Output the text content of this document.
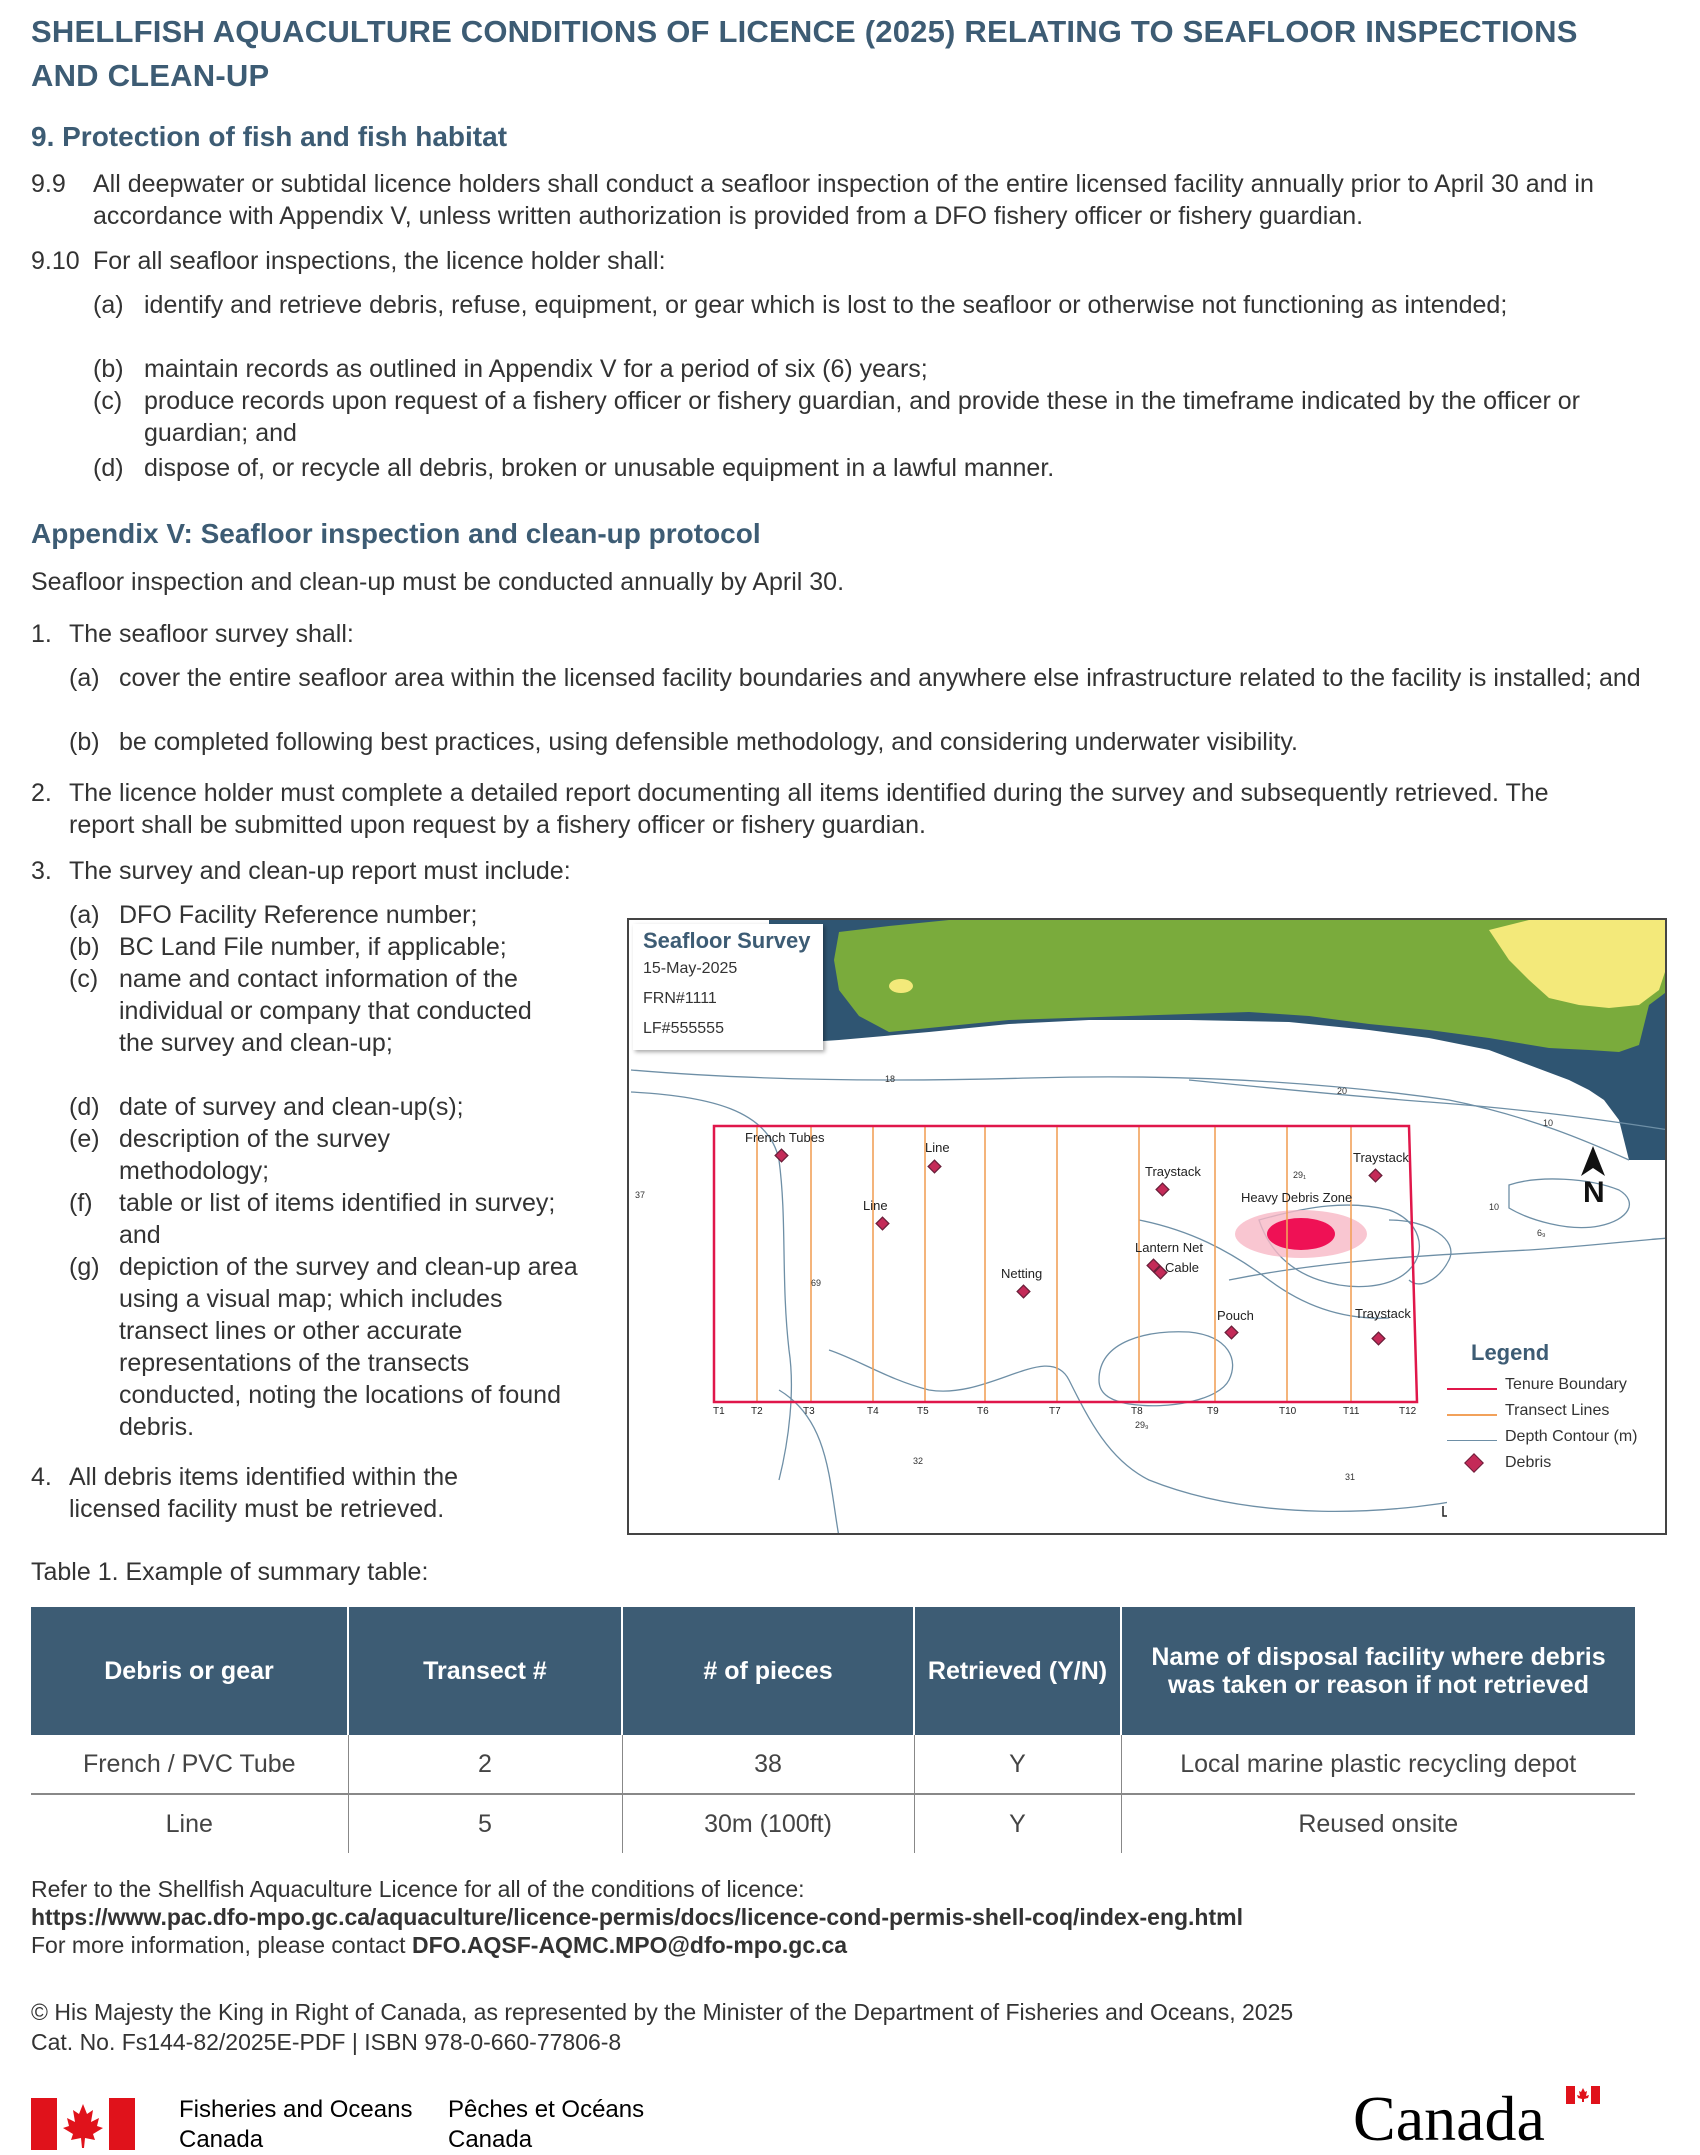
SHELLFISH AQUACULTURE CONDITIONS OF LICENCE (2025) RELATING TO SEAFLOOR INSPECTIONS AND CLEAN-UP
9. Protection of fish and fish habitat
9.9	All deepwater or subtidal licence holders shall conduct a seafloor inspection of the entire licensed facility annually prior to April 30 and in accordance with Appendix V, unless written authorization is provided from a DFO fishery officer or fishery guardian.
9.10 For all seafloor inspections, the licence holder shall:
(a) identify and retrieve debris, refuse, equipment, or gear which is lost to the seafloor or otherwise not functioning as intended;
(b) maintain records as outlined in Appendix V for a period of six (6) years;
(c) produce records upon request of a fishery officer or fishery guardian, and provide these in the timeframe indicated by the officer or guardian; and
(d) dispose of, or recycle all debris, broken or unusable equipment in a lawful manner.
Appendix V: Seafloor inspection and clean-up protocol
Seafloor inspection and clean-up must be conducted annually by April 30.
1. The seafloor survey shall:
(a) cover the entire seafloor area within the licensed facility boundaries and anywhere else infrastructure related to the facility is installed; and
(b) be completed following best practices, using defensible methodology, and considering underwater visibility.
2. The licence holder must complete a detailed report documenting all items identified during the survey and subsequently retrieved. The report shall be submitted upon request by a fishery officer or fishery guardian.
3. The survey and clean-up report must include:
(a) DFO Facility Reference number;
(b) BC Land File number, if applicable;
(c) name and contact information of the individual or company that conducted the survey and clean-up;
(d) date of survey and clean-up(s);
(e) description of the survey methodology;
(f)	table or list of items identified in survey; and
(g) depiction of the survey and clean-up area using a visual map; which includes transect lines or other accurate representations of the transects conducted, noting the locations of found debris.
4. All debris items identified within the licensed facility must be retrieved.
Seafloor Survey
15-May-2025
FRN#1111
LF#555555
N
T1	T2	T3	T4	T5	T6	T7	T8	T9	T10	T11	T12
18
20
10
10
37
69
6₉
29₁
29₉
32
31
French Tubes
Line
Line
Traystack
Traystack
Lantern Net
Cable
Netting
Pouch	Traystack
Heavy Debris Zone
Legend
Tenure Boundary
Transect Lines
Depth Contour (m)
Debris
Table 1. Example of summary table:
Debris or gear	Transect #	# of pieces	Retrieved (Y/N)	Name of disposal facility where debris was taken or reason if not retrieved
French / PVC Tube	2	38	Y	Local marine plastic recycling depot
Line	5	30m (100ft)	Y	Reused onsite
Refer to the Shellfish Aquaculture Licence for all of the conditions of licence:
https://www.pac.dfo-mpo.gc.ca/aquaculture/licence-permis/docs/licence-cond-permis-shell-coq/index-eng.html
For more information, please contact DFO.AQSF-AQMC.MPO@dfo-mpo.gc.ca
© His Majesty the King in Right of Canada, as represented by the Minister of the Department of Fisheries and Oceans, 2025
Cat. No. Fs144-82/2025E-PDF | ISBN 978-0-660-77806-8
Fisheries and Oceans
Canada
Pêches et Océans
Canada	Canada
